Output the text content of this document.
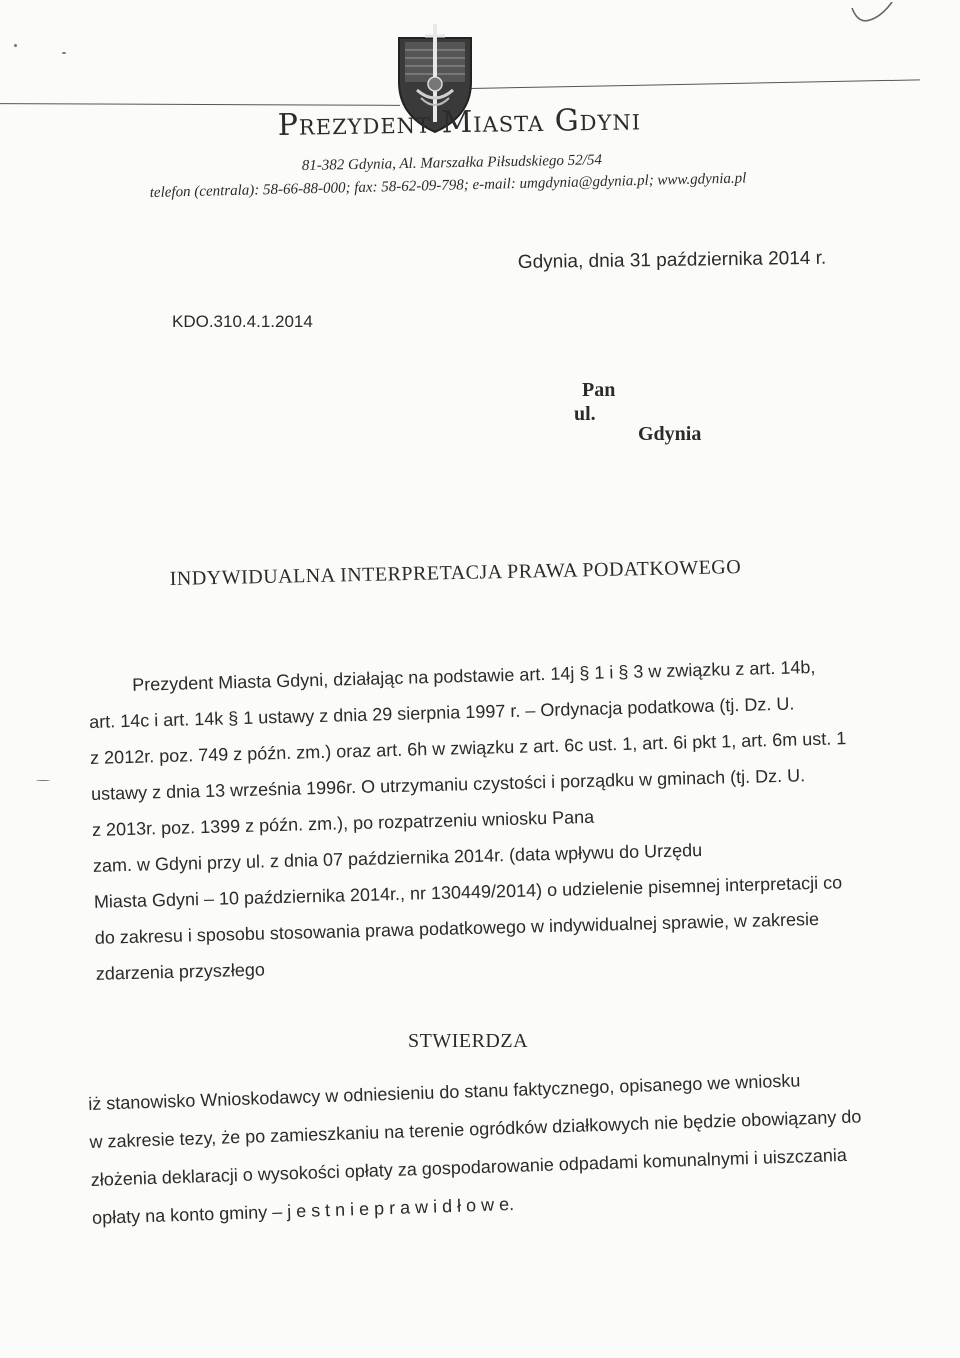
Prezydent Miasta Gdyni
81-382 Gdynia, Al. Marszałka Piłsudskiego 52/54
telefon (centrala): 58-66-88-000; fax: 58-62-09-798; e-mail: umgdynia@gdynia.pl; www.gdynia.pl
Gdynia, dnia 31 października 2014 r.
KDO.310.4.1.2014
Pan
ul.
Gdynia
INDYWIDUALNA INTERPRETACJA PRAWA PODATKOWEGO
Prezydent Miasta Gdyni, działając na podstawie art. 14j § 1 i § 3 w związku z art. 14b,
art. 14c i art. 14k § 1 ustawy z dnia 29 sierpnia 1997 r. – Ordynacja podatkowa (tj. Dz. U.
z 2012r. poz. 749 z późn. zm.) oraz art. 6h w związku z art. 6c ust. 1, art. 6i pkt 1, art. 6m ust. 1
ustawy z dnia 13 września 1996r. O utrzymaniu czystości i porządku w gminach (tj. Dz. U.
z 2013r. poz. 1399 z późn. zm.), po rozpatrzeniu wniosku Pana
zam. w Gdyni przy ul. z dnia 07 października 2014r. (data wpływu do Urzędu
Miasta Gdyni – 10 października 2014r., nr 130449/2014) o udzielenie pisemnej interpretacji co
do zakresu i sposobu stosowania prawa podatkowego w indywidualnej sprawie, w zakresie
zdarzenia przyszłego
STWIERDZA
iż stanowisko Wnioskodawcy w odniesieniu do stanu faktycznego, opisanego we wniosku
w zakresie tezy, że po zamieszkaniu na terenie ogródków działkowych nie będzie obowiązany do
złożenia deklaracji o wysokości opłaty za gospodarowanie odpadami komunalnymi i uiszczania
opłaty na konto gminy – j e s t n i e p r a w i d ł o w e.
